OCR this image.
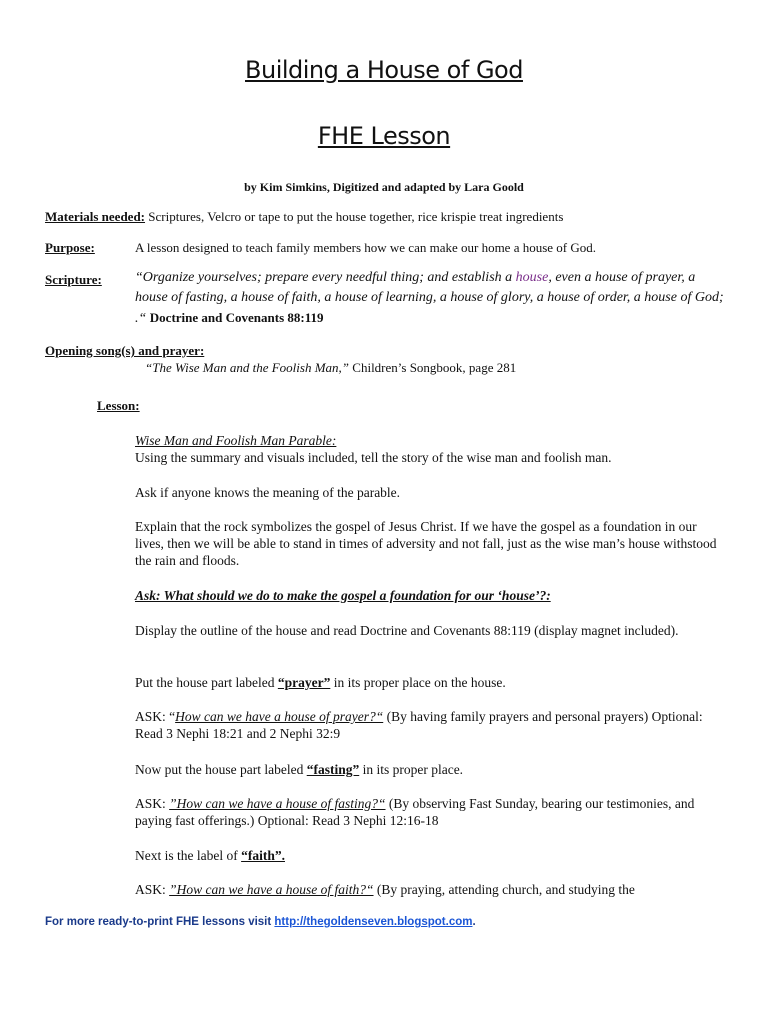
Building a House of God
FHE Lesson
by Kim Simkins, Digitized and adapted by Lara Goold
Materials needed: Scriptures, Velcro or tape to put the house together, rice krispie treat ingredients
Purpose:	A lesson designed to teach family members how we can make our home a house of God.
Scripture: “Organize yourselves; prepare every needful thing; and establish a house, even a house of prayer, a house of fasting, a house of faith, a house of learning, a house of glory, a house of order, a house of God; .“ Doctrine and Covenants 88:119
Opening song(s) and prayer:
“The Wise Man and the Foolish Man,” Children’s Songbook, page 281
Lesson:
Wise Man and Foolish Man Parable:
Using the summary and visuals included, tell the story of the wise man and foolish man.
Ask if anyone knows the meaning of the parable.
Explain that the rock symbolizes the gospel of Jesus Christ. If we have the gospel as a foundation in our lives, then we will be able to stand in times of adversity and not fall, just as the wise man’s house withstood the rain and floods.
Ask: What should we do to make the gospel a foundation for our ‘house’?:
Display the outline of the house and read Doctrine and Covenants 88:119 (display magnet included).
Put the house part labeled “prayer” in its proper place on the house.
ASK: “How can we have a house of prayer?“ (By having family prayers and personal prayers) Optional: Read 3 Nephi 18:21 and 2 Nephi 32:9
Now put the house part labeled “fasting” in its proper place.
ASK: ”How can we have a house of fasting?“ (By observing Fast Sunday, bearing our testimonies, and paying fast offerings.) Optional: Read 3 Nephi 12:16-18
Next is the label of “faith”.
ASK: ”How can we have a house of faith?“ (By praying, attending church, and studying the
For more ready-to-print FHE lessons visit http://thegoldenseven.blogspot.com.
